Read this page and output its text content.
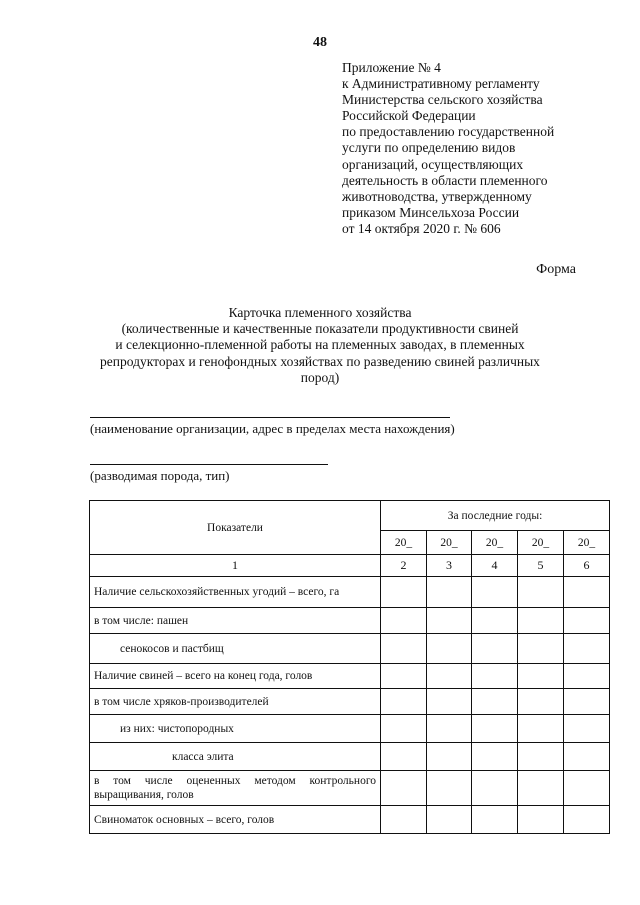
48
Приложение № 4
к Административному регламенту
Министерства сельского хозяйства
Российской Федерации
по предоставлению государственной
услуги по определению видов
организаций, осуществляющих
деятельность в области племенного
животноводства, утвержденному
приказом Минсельхоза России
от 14 октября 2020 г. № 606
Форма
Карточка племенного хозяйства
(количественные и качественные показатели продуктивности свиней
и селекционно-племенной работы на племенных заводах, в племенных
репродукторах и генофондных хозяйствах по разведению свиней различных
пород)
(наименование организации, адрес в пределах места нахождения)
(разводимая порода, тип)
Показатели	За последние годы:				
	20_	20_	20_	20_	20_
1	2	3	4	5	6
Наличие сельскохозяйственных угодий – всего, га					
в том числе: пашен					
сенокосов и пастбищ					
Наличие свиней – всего на конец года, голов					
в том числе хряков-производителей					
из них: чистопородных					
класса элита					
в том числе оцененных методом контрольного выращивания, голов					
Свиноматок основных – всего, голов					
